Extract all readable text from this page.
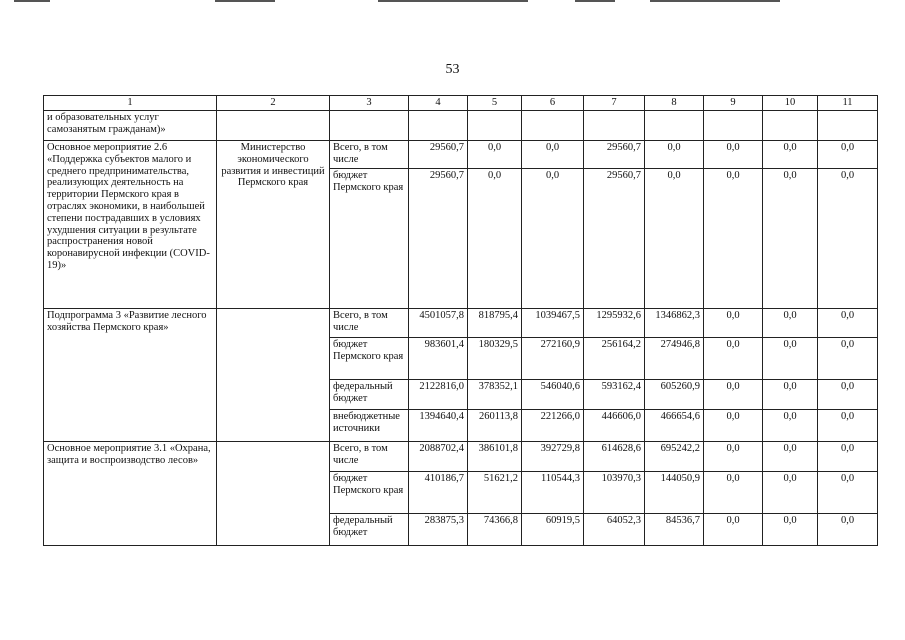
53
1	2	3	4	5	6	7	8	9	10	11
и образовательных услуг самозанятым гражданам)»										
Основное мероприятие 2.6 «Поддержка субъектов малого и среднего предпринимательства, реализующих деятельность на территории Пермского края в отраслях экономики, в наибольшей степени пострадавших в условиях ухудшения ситуации в результате распространения новой коронавирусной инфекции (COVID-19)»	Министерство экономического развития и инвестиций Пермского края	Всего, в том числе	29560,7	0,0	0,0	29560,7	0,0	0,0	0,0	0,0
		бюджет Пермского края	29560,7	0,0	0,0	29560,7	0,0	0,0	0,0	0,0
Подпрограмма 3 «Развитие лесного хозяйства Пермского края»		Всего, в том числе	4501057,8	818795,4	1039467,5	1295932,6	1346862,3	0,0	0,0	0,0
		бюджет Пермского края	983601,4	180329,5	272160,9	256164,2	274946,8	0,0	0,0	0,0
		федеральный бюджет	2122816,0	378352,1	546040,6	593162,4	605260,9	0,0	0,0	0,0
		внебюджетные источники	1394640,4	260113,8	221266,0	446606,0	466654,6	0,0	0,0	0,0
Основное мероприятие 3.1 «Охрана, защита и воспроизводство лесов»		Всего, в том числе	2088702,4	386101,8	392729,8	614628,6	695242,2	0,0	0,0	0,0
		бюджет Пермского края	410186,7	51621,2	110544,3	103970,3	144050,9	0,0	0,0	0,0
		федеральный бюджет	283875,3	74366,8	60919,5	64052,3	84536,7	0,0	0,0	0,0
